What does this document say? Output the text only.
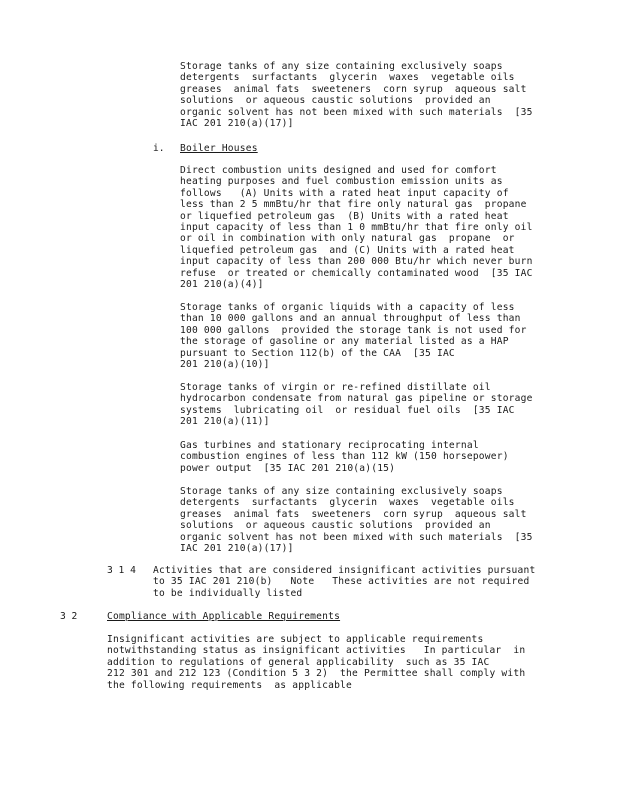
Storage tanks of any size containing exclusively soaps
detergents  surfactants  glycerin  waxes  vegetable oils
greases  animal fats  sweeteners  corn syrup  aqueous salt
solutions  or aqueous caustic solutions  provided an
organic solvent has not been mixed with such materials  [35
IAC 201 210(a)(17)]
i. Boiler Houses
Direct combustion units designed and used for comfort
heating purposes and fuel combustion emission units as
follows   (A) Units with a rated heat input capacity of
less than 2 5 mmBtu/hr that fire only natural gas  propane
or liquefied petroleum gas  (B) Units with a rated heat
input capacity of less than 1 0 mmBtu/hr that fire only oil
or oil in combination with only natural gas  propane  or
liquefied petroleum gas  and (C) Units with a rated heat
input capacity of less than 200 000 Btu/hr which never burn
refuse  or treated or chemically contaminated wood  [35 IAC
201 210(a)(4)]
Storage tanks of organic liquids with a capacity of less
than 10 000 gallons and an annual throughput of less than
100 000 gallons  provided the storage tank is not used for
the storage of gasoline or any material listed as a HAP
pursuant to Section 112(b) of the CAA  [35 IAC
201 210(a)(10)]
Storage tanks of virgin or re-refined distillate oil
hydrocarbon condensate from natural gas pipeline or storage
systems  lubricating oil  or residual fuel oils  [35 IAC
201 210(a)(11)]
Gas turbines and stationary reciprocating internal
combustion engines of less than 112 kW (150 horsepower)
power output  [35 IAC 201 210(a)(15)
Storage tanks of any size containing exclusively soaps
detergents  surfactants  glycerin  waxes  vegetable oils
greases  animal fats  sweeteners  corn syrup  aqueous salt
solutions  or aqueous caustic solutions  provided an
organic solvent has not been mixed with such materials  [35
IAC 201 210(a)(17)]
3 1 4 Activities that are considered insignificant activities pursuant
to 35 IAC 201 210(b)   Note   These activities are not required
to be individually listed
3 2	Compliance with Applicable Requirements
Insignificant activities are subject to applicable requirements
notwithstanding status as insignificant activities   In particular  in
addition to regulations of general applicability  such as 35 IAC
212 301 and 212 123 (Condition 5 3 2)  the Permittee shall comply with
the following requirements  as applicable
